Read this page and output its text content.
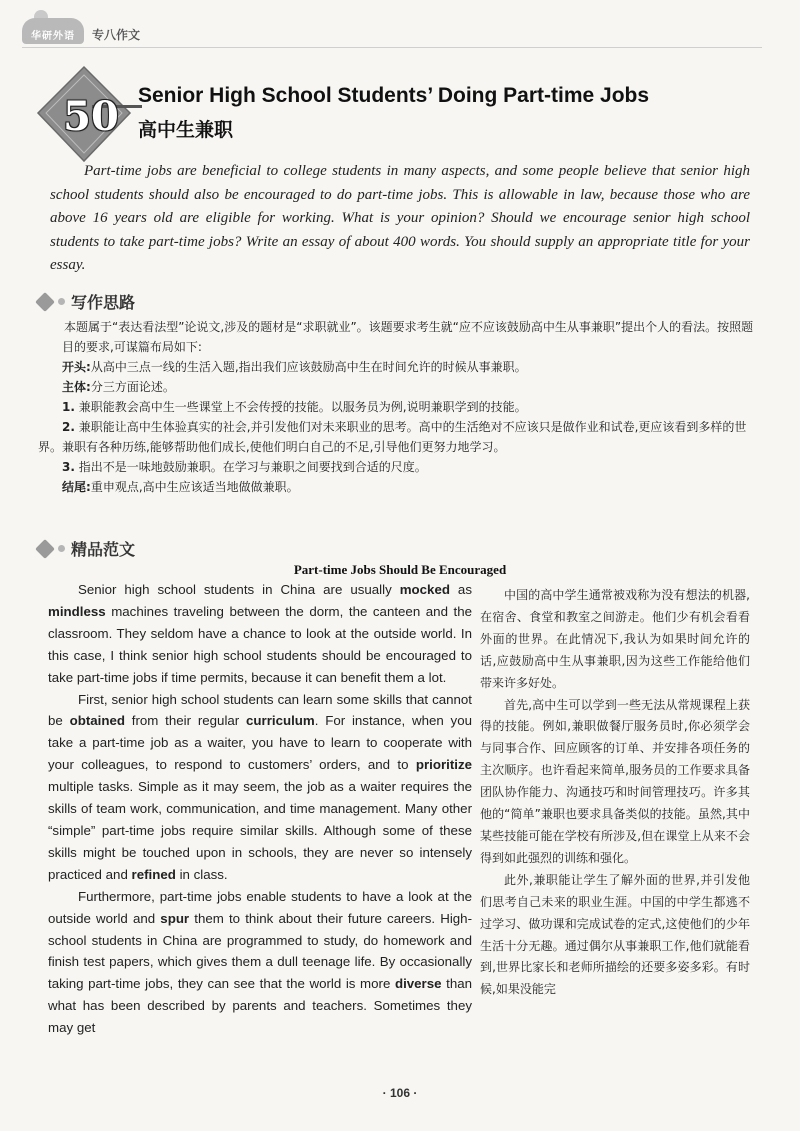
华研外语 专八作文
50 Senior High School Students’ Doing Part-time Jobs
高中生兼职
Part-time jobs are beneficial to college students in many aspects, and some people believe that senior high school students should also be encouraged to do part-time jobs. This is allowable in law, because those who are above 16 years old are eligible for working. What is your opinion? Should we encourage senior high school students to take part-time jobs? Write an essay of about 400 words. You should supply an appropriate title for your essay.
写作思路

本题属于“表达看法型”论说文,涉及的题材是“求职就业”。该题要求考生就“应不应该鼓励高中生从事兼职”提出个人的看法。按照题目的要求,可谋篇布局如下:

开头:从高中三点一线的生活入题,指出我们应该鼓励高中生在时间允许的时候从事兼职。

主体:分三方面论述。

1. 兼职能教会高中生一些课堂上不会传授的技能。以服务员为例,说明兼职学到的技能。

2. 兼职能让高中生体验真实的社会,并引发他们对未来职业的思考。高中的生活绝对不应该只是做作业和试卷,更应该看到多样的世界。兼职有各种历练,能够帮助他们成长,使他们明白自己的不足,引导他们更努力地学习。

3. 指出不是一味地鼓励兼职。在学习与兼职之间要找到合适的尺度。

结尾:重申观点,高中生应该适当地做做兼职。

精品范文
Part-time Jobs Should Be Encouraged

Senior high school students in China are usually mocked as mindless machines traveling between the dorm, the canteen and the classroom. They seldom have a chance to look at the outside world. In this case, I think senior high school students should be encouraged to take part-time jobs if time permits, because it can benefit them a lot.

First, senior high school students can learn some skills that cannot be obtained from their regular curriculum. For instance, when you take a part-time job as a waiter, you have to learn to cooperate with your colleagues, to respond to customers’ orders, and to prioritize multiple tasks. Simple as it may seem, the job as a waiter requires the skills of team work, communication, and time management. Many other “simple” part-time jobs require similar skills. Although some of these skills might be touched upon in schools, they are never so intensely practiced and refined in class.

Furthermore, part-time jobs enable students to have a look at the outside world and spur them to think about their future careers. High-school students in China are programmed to study, do homework and finish test papers, which gives them a dull teenage life. By occasionally taking part-time jobs, they can see that the world is more diverse than what has been described by parents and teachers. Sometimes they may get

中国的高中学生通常被戏称为没有想法的机器,在宿舍、食堂和教室之间游走。他们少有机会看看外面的世界。在此情况下,我认为如果时间允许的话,应鼓励高中生从事兼职,因为这些工作能给他们带来许多好处。

首先,高中生可以学到一些无法从常规课程上获得的技能。例如,兼职做餐厅服务员时,你必须学会与同事合作、回应顾客的订单、并安排各项任务的主次顺序。也许看起来简单,服务员的工作要求具备团队协作能力、沟通技巧和时间管理技巧。许多其他的“简单”兼职也要求具备类似的技能。虽然,其中某些技能可能在学校有所涉及,但在课堂上从来不会得到如此强烈的训练和强化。

此外,兼职能让学生了解外面的世界,并引发他们思考自己未来的职业生涯。中国的中学生都逃不过学习、做功课和完成试卷的定式,这使他们的少年生活十分无趣。通过偶尔从事兼职工作,他们就能看到,世界比家长和老师所描绘的还要多姿多彩。有时候,如果没能完

· 106 ·
